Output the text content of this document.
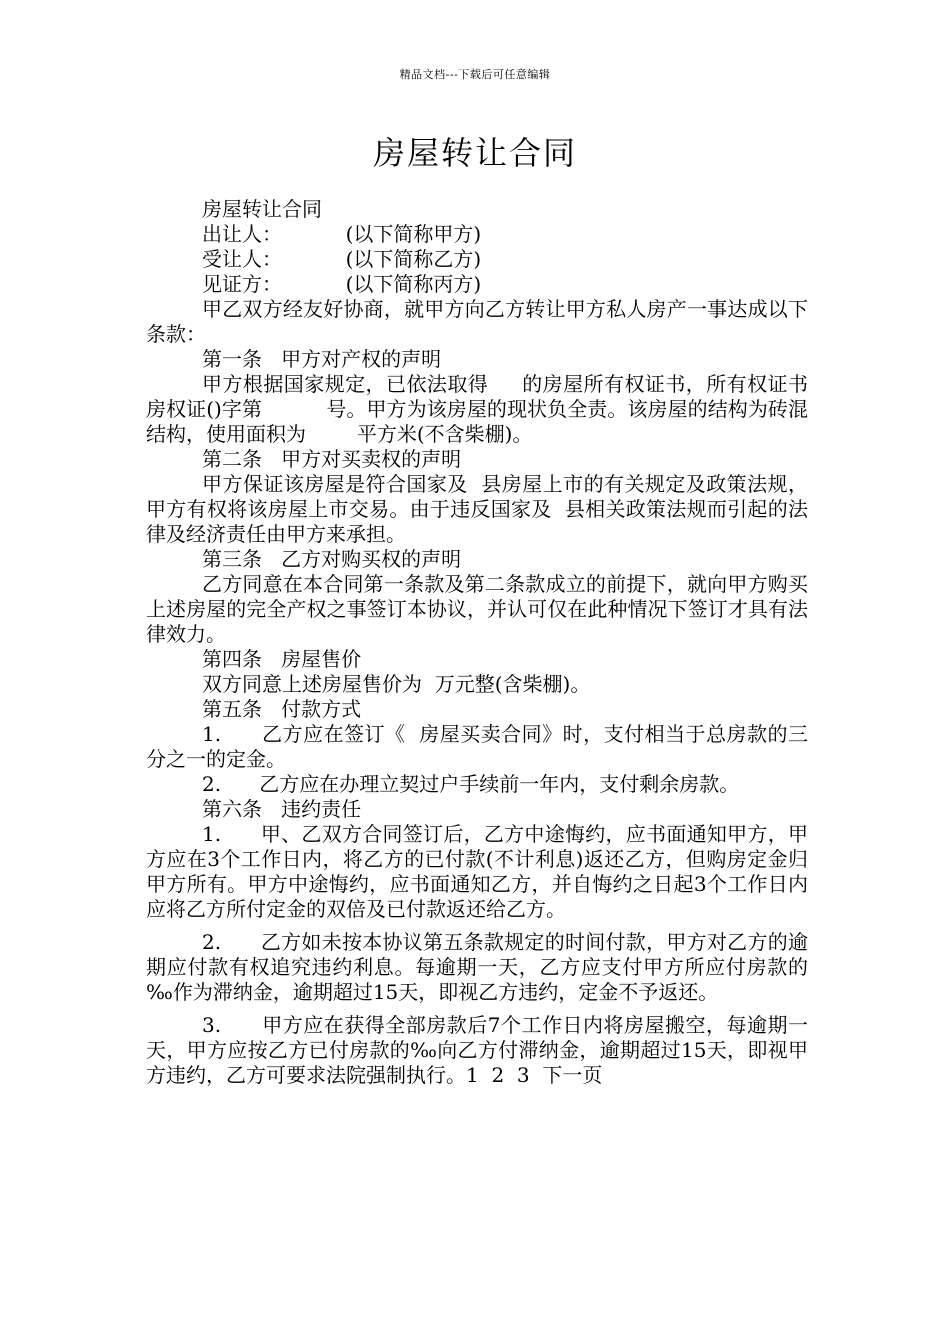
精品文档---下载后可任意编辑
房屋转让合同

房屋转让合同

出让人：          (以下简称甲方)

受让人：          (以下简称乙方)

见证方：          (以下简称丙方)

甲乙双方经友好协商，就甲方向乙方转让甲方私人房产一事达成以下条款：

第一条   甲方对产权的声明

甲方根据国家规定，已依法取得     的房屋所有权证书，所有权证书房权证()字第          号。甲方为该房屋的现状负全责。该房屋的结构为砖混结构，使用面积为        平方米(不含柴棚)。

第二条   甲方对买卖权的声明

甲方保证该房屋是符合国家及  县房屋上市的有关规定及政策法规，甲方有权将该房屋上市交易。由于违反国家及  县相关政策法规而引起的法律及经济责任由甲方来承担。

第三条   乙方对购买权的声明

乙方同意在本合同第一条款及第二条款成立的前提下，就向甲方购买上述房屋的完全产权之事签订本协议，并认可仅在此种情况下签订才具有法律效力。

第四条   房屋售价

双方同意上述房屋售价为  万元整(含柴棚)。

第五条   付款方式

1.      乙方应在签订《  房屋买卖合同》时，支付相当于总房款的三分之一的定金。

2.      乙方应在办理立契过户手续前一年内，支付剩余房款。

第六条   违约责任

1.      甲、乙双方合同签订后，乙方中途悔约，应书面通知甲方，甲方应在3个工作日内，将乙方的已付款(不计利息)返还乙方，但购房定金归甲方所有。甲方中途悔约，应书面通知乙方，并自悔约之日起3个工作日内应将乙方所付定金的双倍及已付款返还给乙方。

2.      乙方如未按本协议第五条款规定的时间付款，甲方对乙方的逾期应付款有权追究违约利息。每逾期一天，乙方应支付甲方所应付房款的‰作为滞纳金，逾期超过15天，即视乙方违约，定金不予返还。

3.      甲方应在获得全部房款后7个工作日内将房屋搬空，每逾期一天，甲方应按乙方已付房款的‰向乙方付滞纳金，逾期超过15天，即视甲方违约，乙方可要求法院强制执行。1  2  3  下一页
